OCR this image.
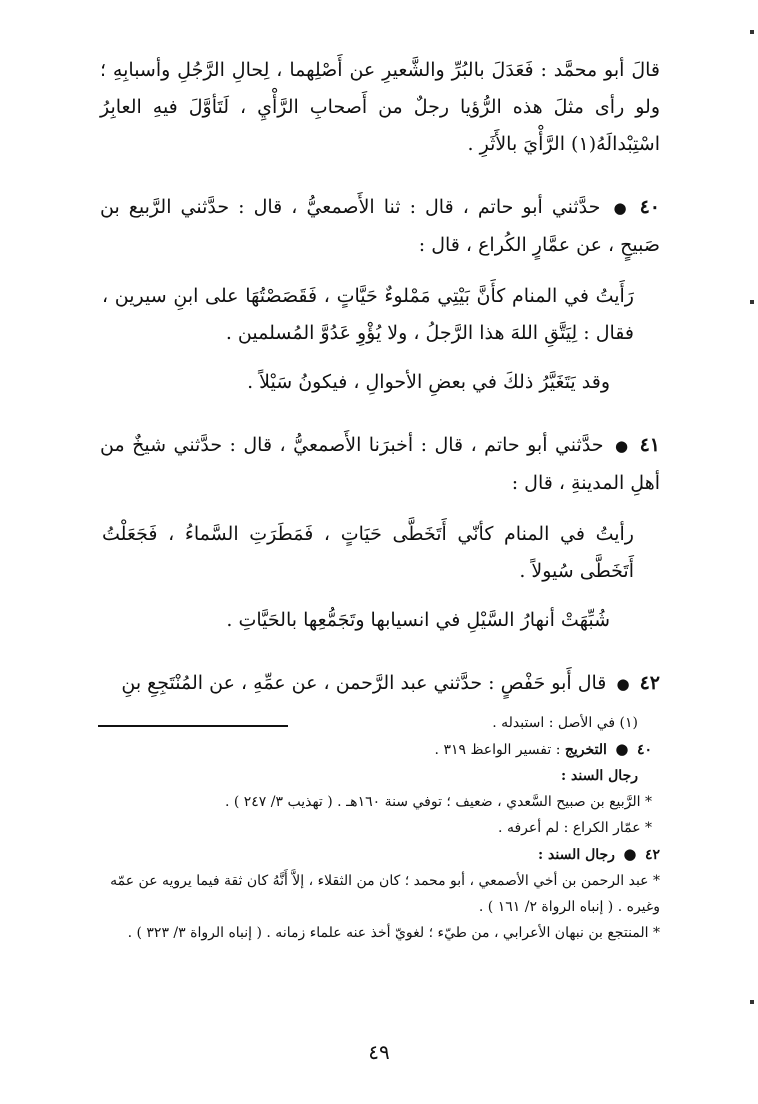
قالَ أبو محمَّد : فَعَدَلَ بالبُرِّ والشَّعيرِ عن أَصْلِهما ، لِحالِ الرَّجُلِ وأسبابِهِ ؛ ولو رأى مثلَ هذه الرُّؤيا رجلٌ من أَصحابِ الرَّأْيِ ، لَتَأوَّلَ فيهِ العابِرُ اسْتِبْدالَهُ(١) الرَّأْيَ بالأَثَرِ .

٤٠ ● حدَّثني أبو حاتم ، قال : ثنا الأَصمعيُّ ، قال : حدَّثني الرَّبيع بن صَبيحٍ ، عن عمَّارٍ الكُراع ، قال :

رَأَيتُ في المنام كأَنَّ بَيْتِي مَمْلوءٌ حَيَّاتٍ ، فَقَصَصْتُهَا على ابنِ سيرين ، فقال : لِيَتَّقِ اللهَ هذا الرَّجلُ ، ولا يُؤْوِ عَدُوَّ المُسلمين .

وقد يَتَغَيَّرُ ذلكَ في بعضِ الأحوالِ ، فيكونُ سَيْلاً .

٤١ ● حدَّثني أبو حاتم ، قال : أخبرَنا الأَصمعيُّ ، قال : حدَّثني شيخٌ من أهلِ المدينةِ ، قال :

رأيتُ في المنام كأنّي أَتَخَطَّى حَيَاتٍ ، فَمَطَرَتِ السَّماءُ ، فَجَعَلْتُ أَتَخَطَّى سُيولاً .

شُبِّهَتْ أنهارُ السَّيْلِ في انسيابها وتَجَمُّعِها بالحَيَّاتِ .

٤٢ ● قال أَبو حَفْصٍ : حدَّثني عبد الرَّحمن ، عن عمِّهِ ، عن المُنْتَجِعِ بنِ

(١) في الأصل : استبدله .

٤٠ ● التخريج : تفسير الواعظ ٣١٩ .

رجال السند :

* الرَّبيع بن صبيح السَّعدي ، ضعيف ؛ توفي سنة ١٦٠هـ . ( تهذيب ٣/ ٢٤٧ ) .

* عمّار الكراع : لم أعرفه .

٤٢ ● رجال السند :

* عبد الرحمن بن أخي الأصمعي ، أبو محمد ؛ كان من الثقلاء ، إلاَّ أَنَّهُ كان ثقة فيما يرويه عن عمّه وغيره . ( إنباه الرواة ٢/ ١٦١ ) .

* المنتجع بن نبهان الأعرابي ، من طيّء ؛ لغويّ أخذ عنه علماء زمانه . ( إنباه الرواة ٣/ ٣٢٣ ) .

٤٩
